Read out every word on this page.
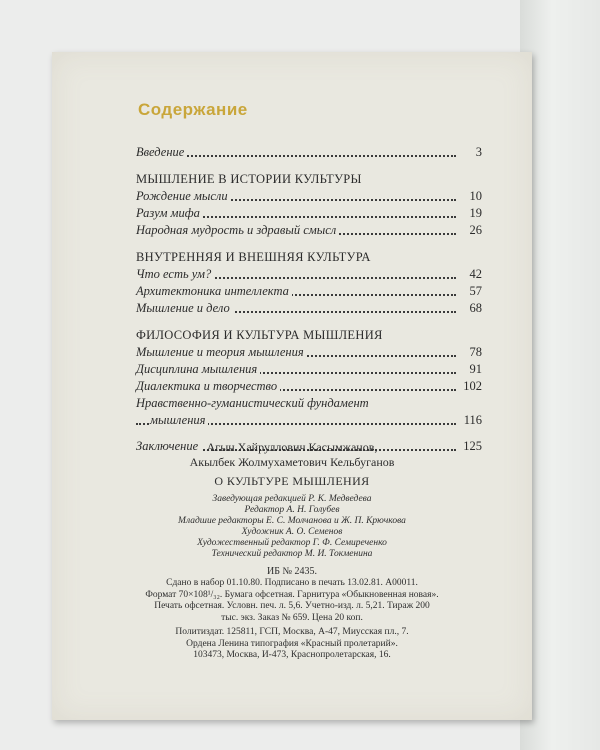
Содержание
Введение	3
МЫШЛЕНИЕ В ИСТОРИИ КУЛЬТУРЫ
Рождение мысли	10
Разум мифа	19
Народная мудрость и здравый смысл	26
ВНУТРЕННЯЯ И ВНЕШНЯЯ КУЛЬТУРА
Что есть ум?	42
Архитектоника интеллекта	57
Мышление и дело	68
ФИЛОСОФИЯ И КУЛЬТУРА МЫШЛЕНИЯ
Мышление и теория мышления	78
Дисциплина мышления	91
Диалектика и творчество	102
Нравственно-гуманистический фундамент
мышления	116
Заключение	125
Агын Хайруллович Касымжанов,
Акылбек Жолмухаметович Кельбуганов
О КУЛЬТУРЕ МЫШЛЕНИЯ
Заведующая редакцией Р. К. Медведева
Редактор А. Н. Голубев
Младшие редакторы Е. С. Молчанова и Ж. П. Крючкова
Художник А. О. Семенов
Художественный редактор Г. Ф. Семиреченко
Технический редактор М. И. Токменина
ИБ № 2435.
Сдано в набор 01.10.80. Подписано в печать 13.02.81. А00011.
Формат 70×108¹/₃₂. Бумага офсетная. Гарнитура «Обыкновенная новая».
Печать офсетная. Условн. печ. л. 5,6. Учетно-изд. л. 5,21. Тираж 200
тыс. экз. Заказ № 659. Цена 20 коп.
Политиздат. 125811, ГСП, Москва, А-47, Миусская пл., 7.
Ордена Ленина типография «Красный пролетарий».
103473, Москва, И-473, Краснопролетарская, 16.
